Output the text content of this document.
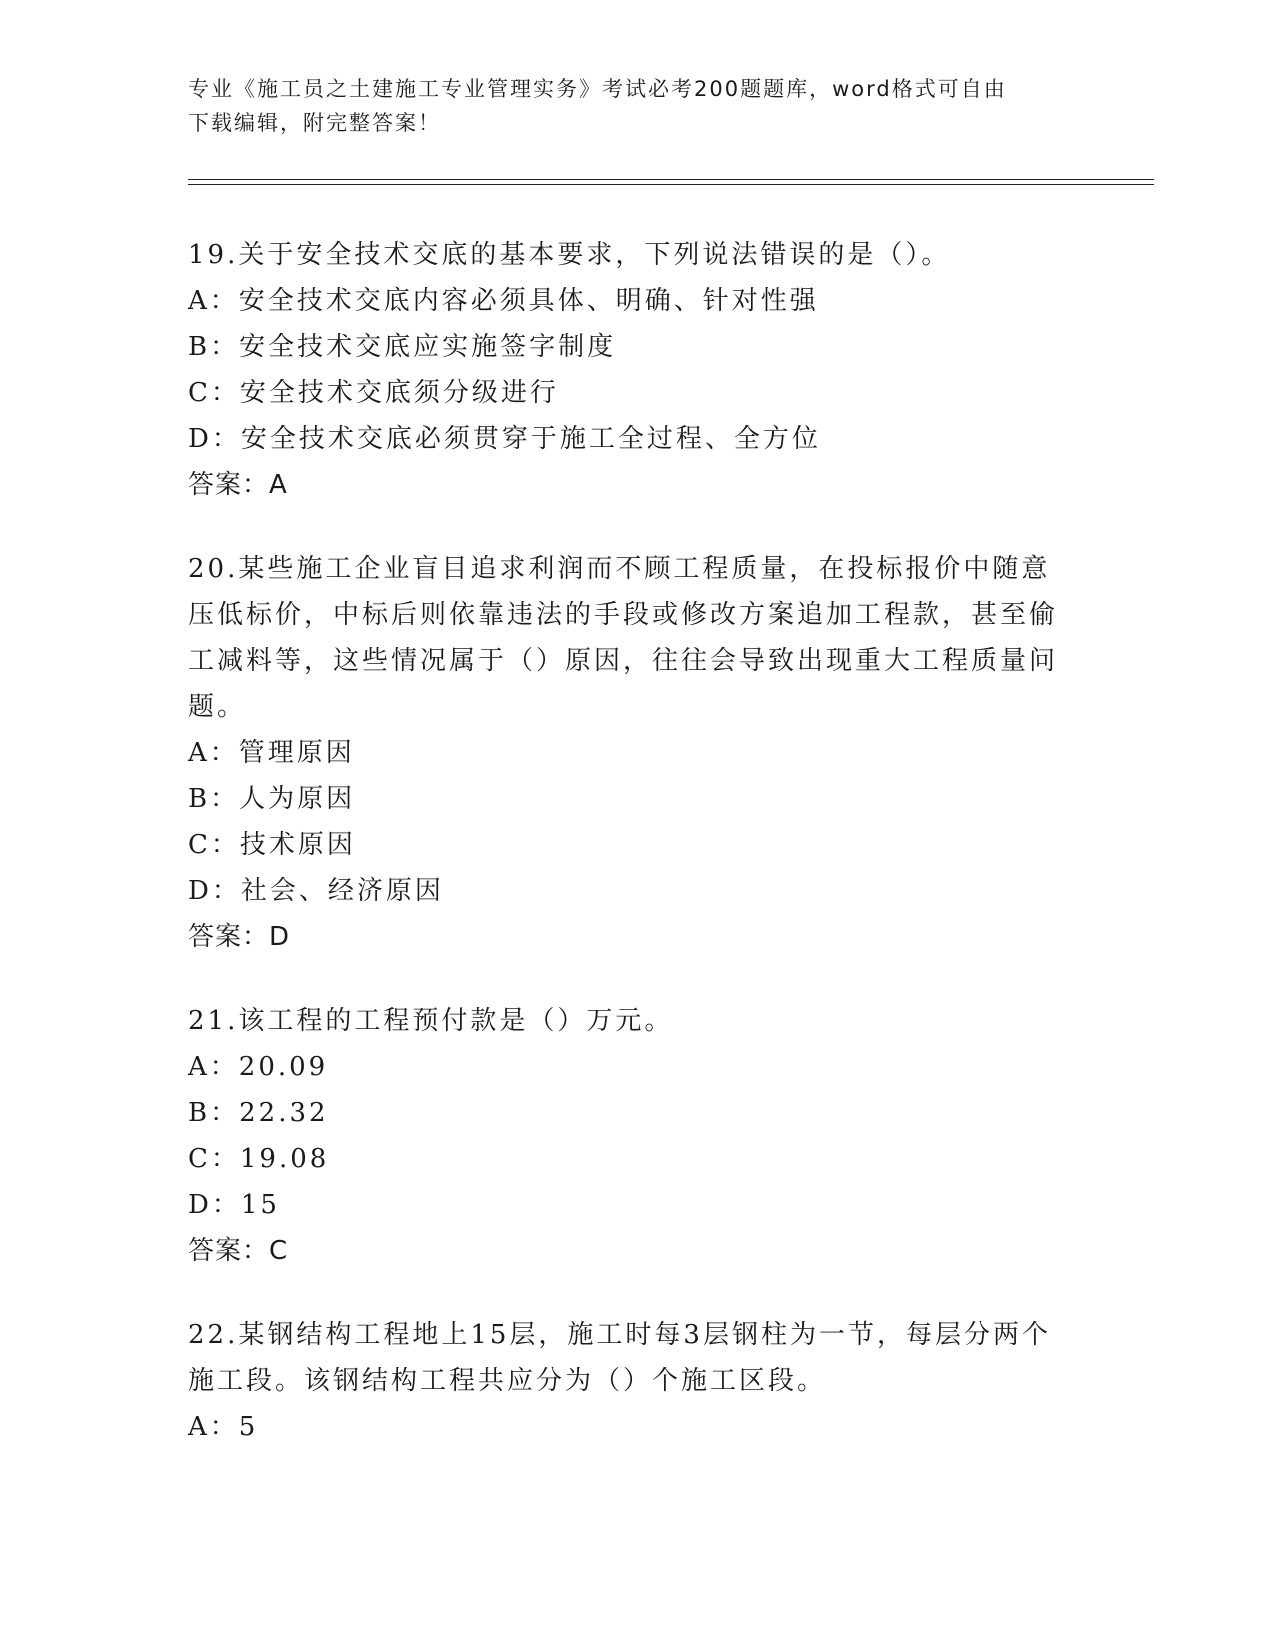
专业《施工员之土建施工专业管理实务》考试必考200题题库，word格式可自由
下载编辑，附完整答案！
19.关于安全技术交底的基本要求，下列说法错误的是（）。
A：安全技术交底内容必须具体、明确、针对性强
B：安全技术交底应实施签字制度
C：安全技术交底须分级进行
D：安全技术交底必须贯穿于施工全过程、全方位
答案：A
20.某些施工企业盲目追求利润而不顾工程质量，在投标报价中随意压低标价，中标后则依靠违法的手段或修改方案追加工程款，甚至偷工减料等，这些情况属于（）原因，往往会导致出现重大工程质量问题。
A：管理原因
B：人为原因
C：技术原因
D：社会、经济原因
答案：D
21.该工程的工程预付款是（）万元。
A：20.09
B：22.32
C：19.08
D：15
答案：C
22.某钢结构工程地上15层，施工时每3层钢柱为一节，每层分两个施工段。该钢结构工程共应分为（）个施工区段。
A：5
